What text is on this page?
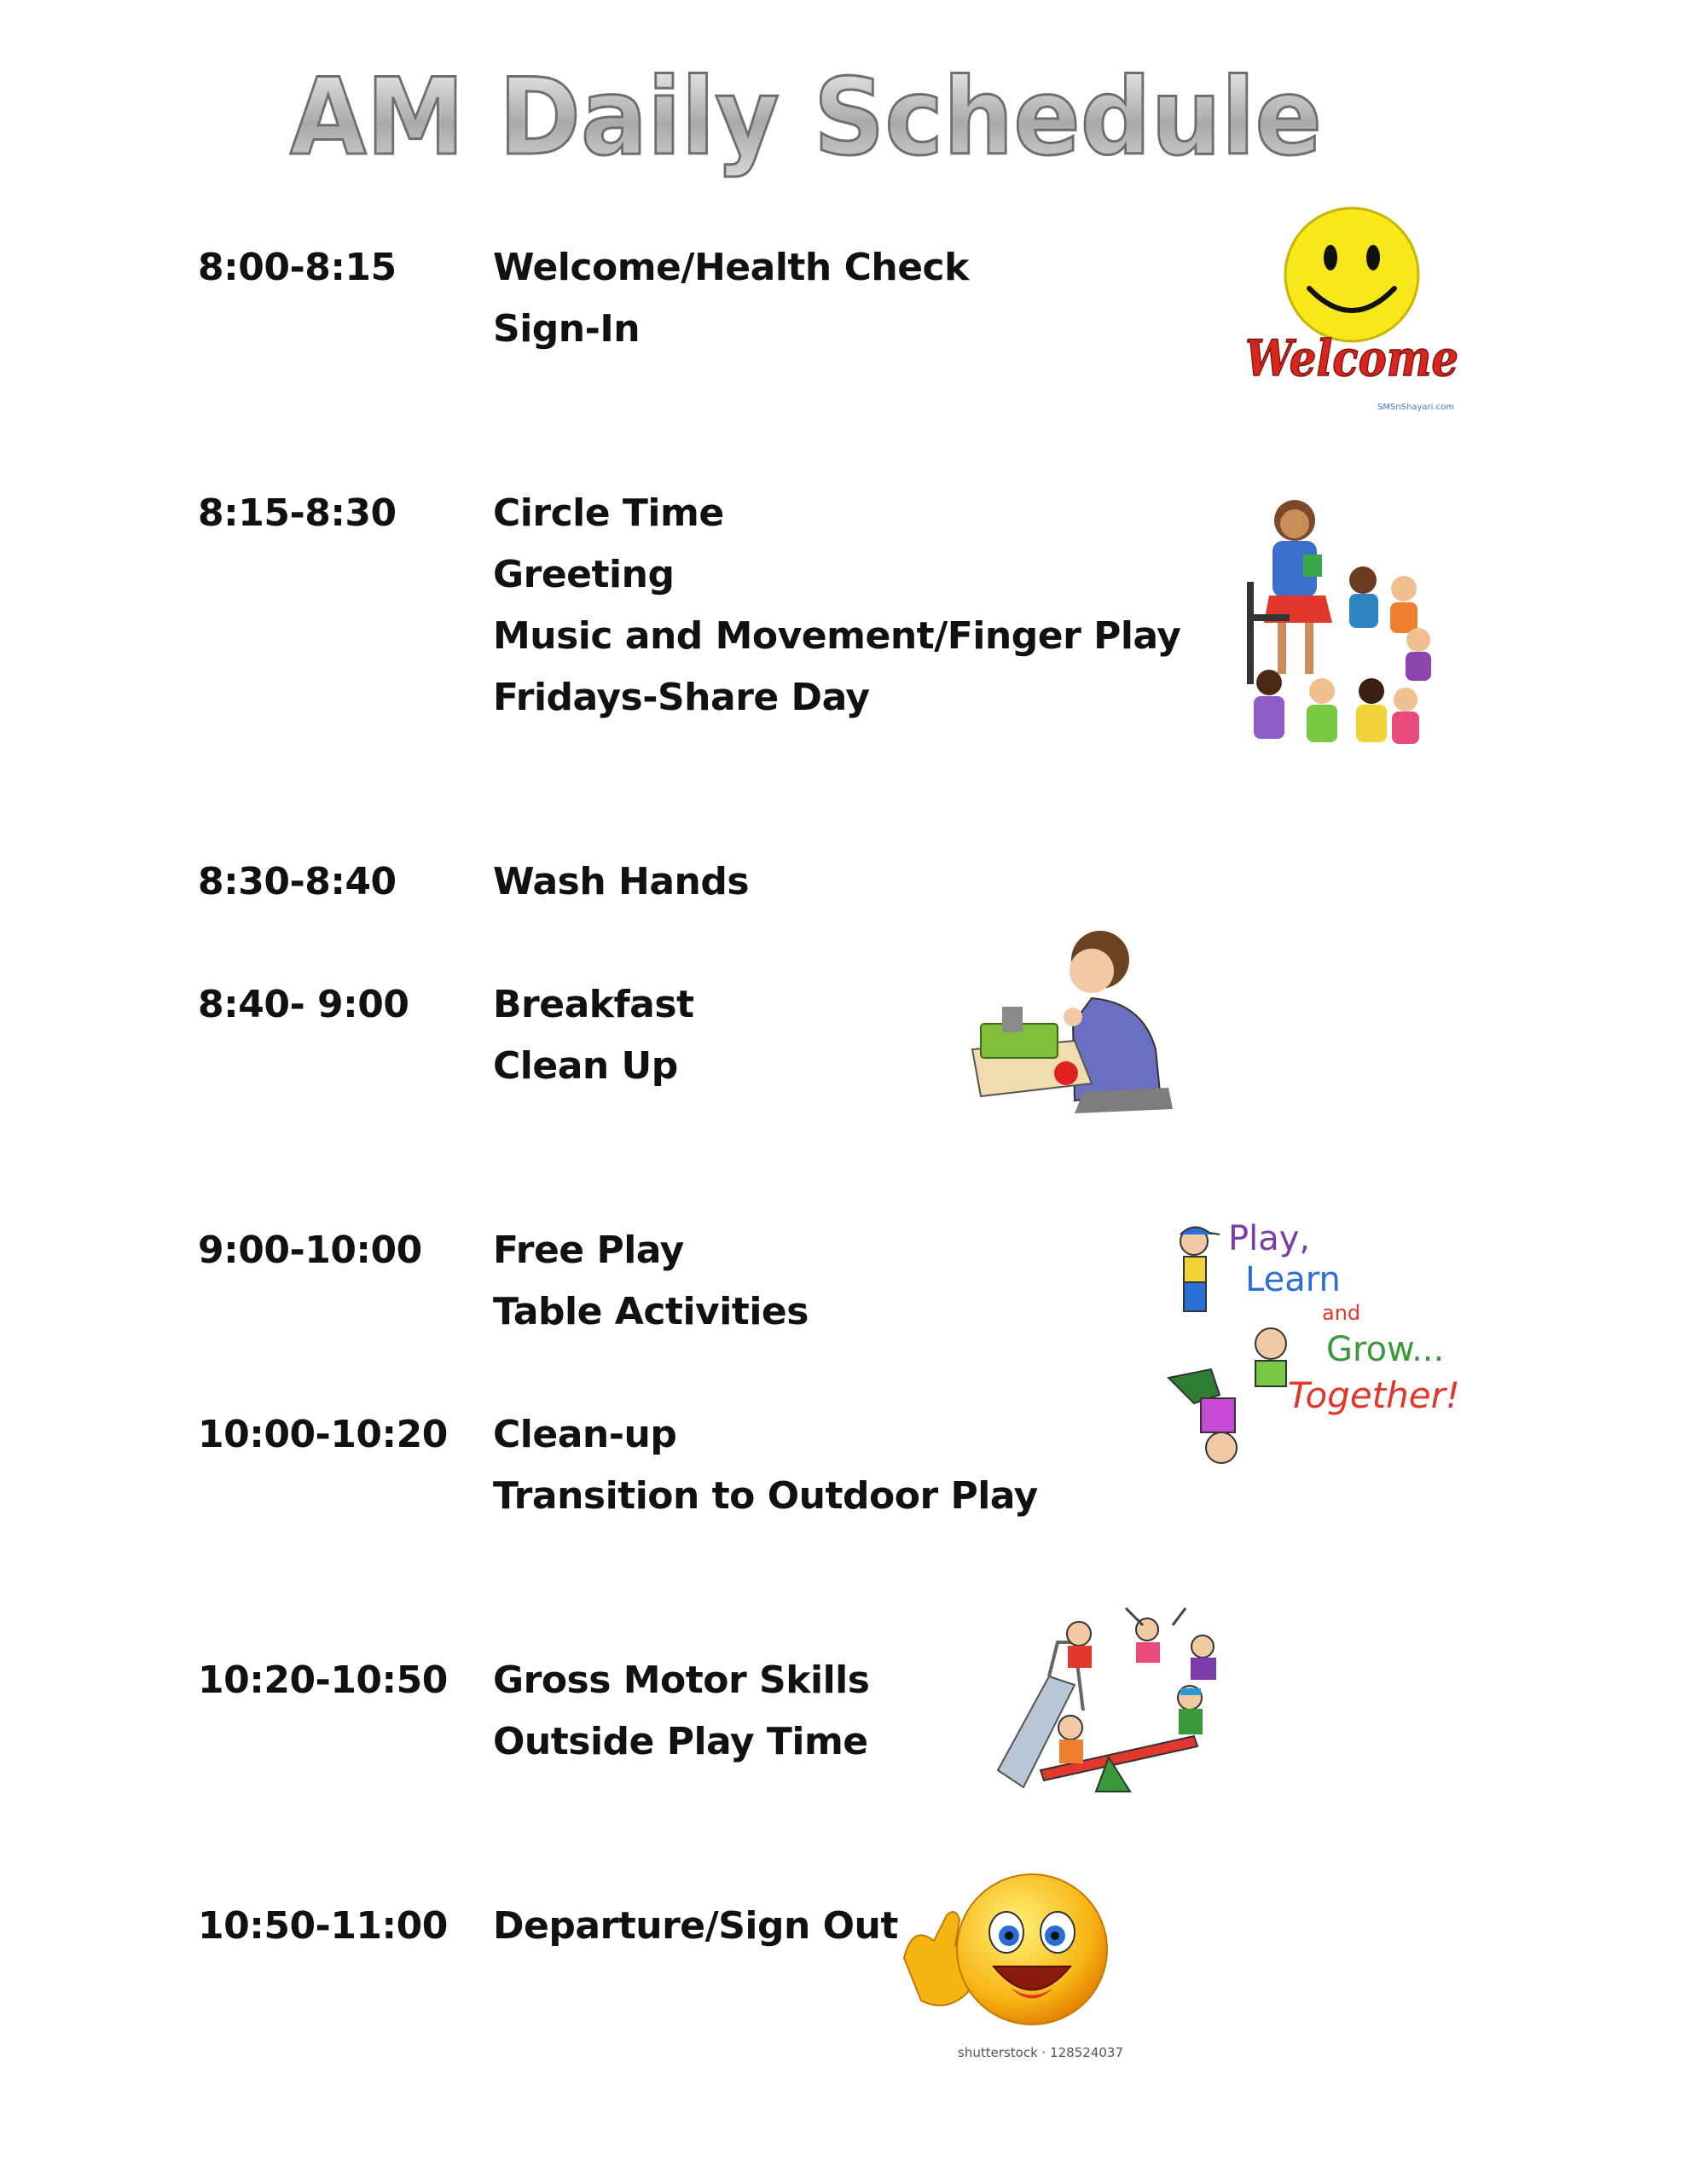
AM Daily Schedule
8:00-8:15	Welcome/Health Check
Sign-In
8:15-8:30	Circle Time
Greeting
Music and Movement/Finger Play
Fridays-Share Day
8:30-8:40	Wash Hands
8:40- 9:00 Breakfast
Clean Up
9:00-10:00 Free Play
Table Activities
10:00-10:20 Clean-up
Transition to Outdoor Play
10:20-10:50 Gross Motor Skills
Outside Play Time
10:50-11:00 Departure/Sign Out
Welcome
SMSnShayari.com
Play,
Learn
and
Grow...
Together!
shutterstock · 128524037
